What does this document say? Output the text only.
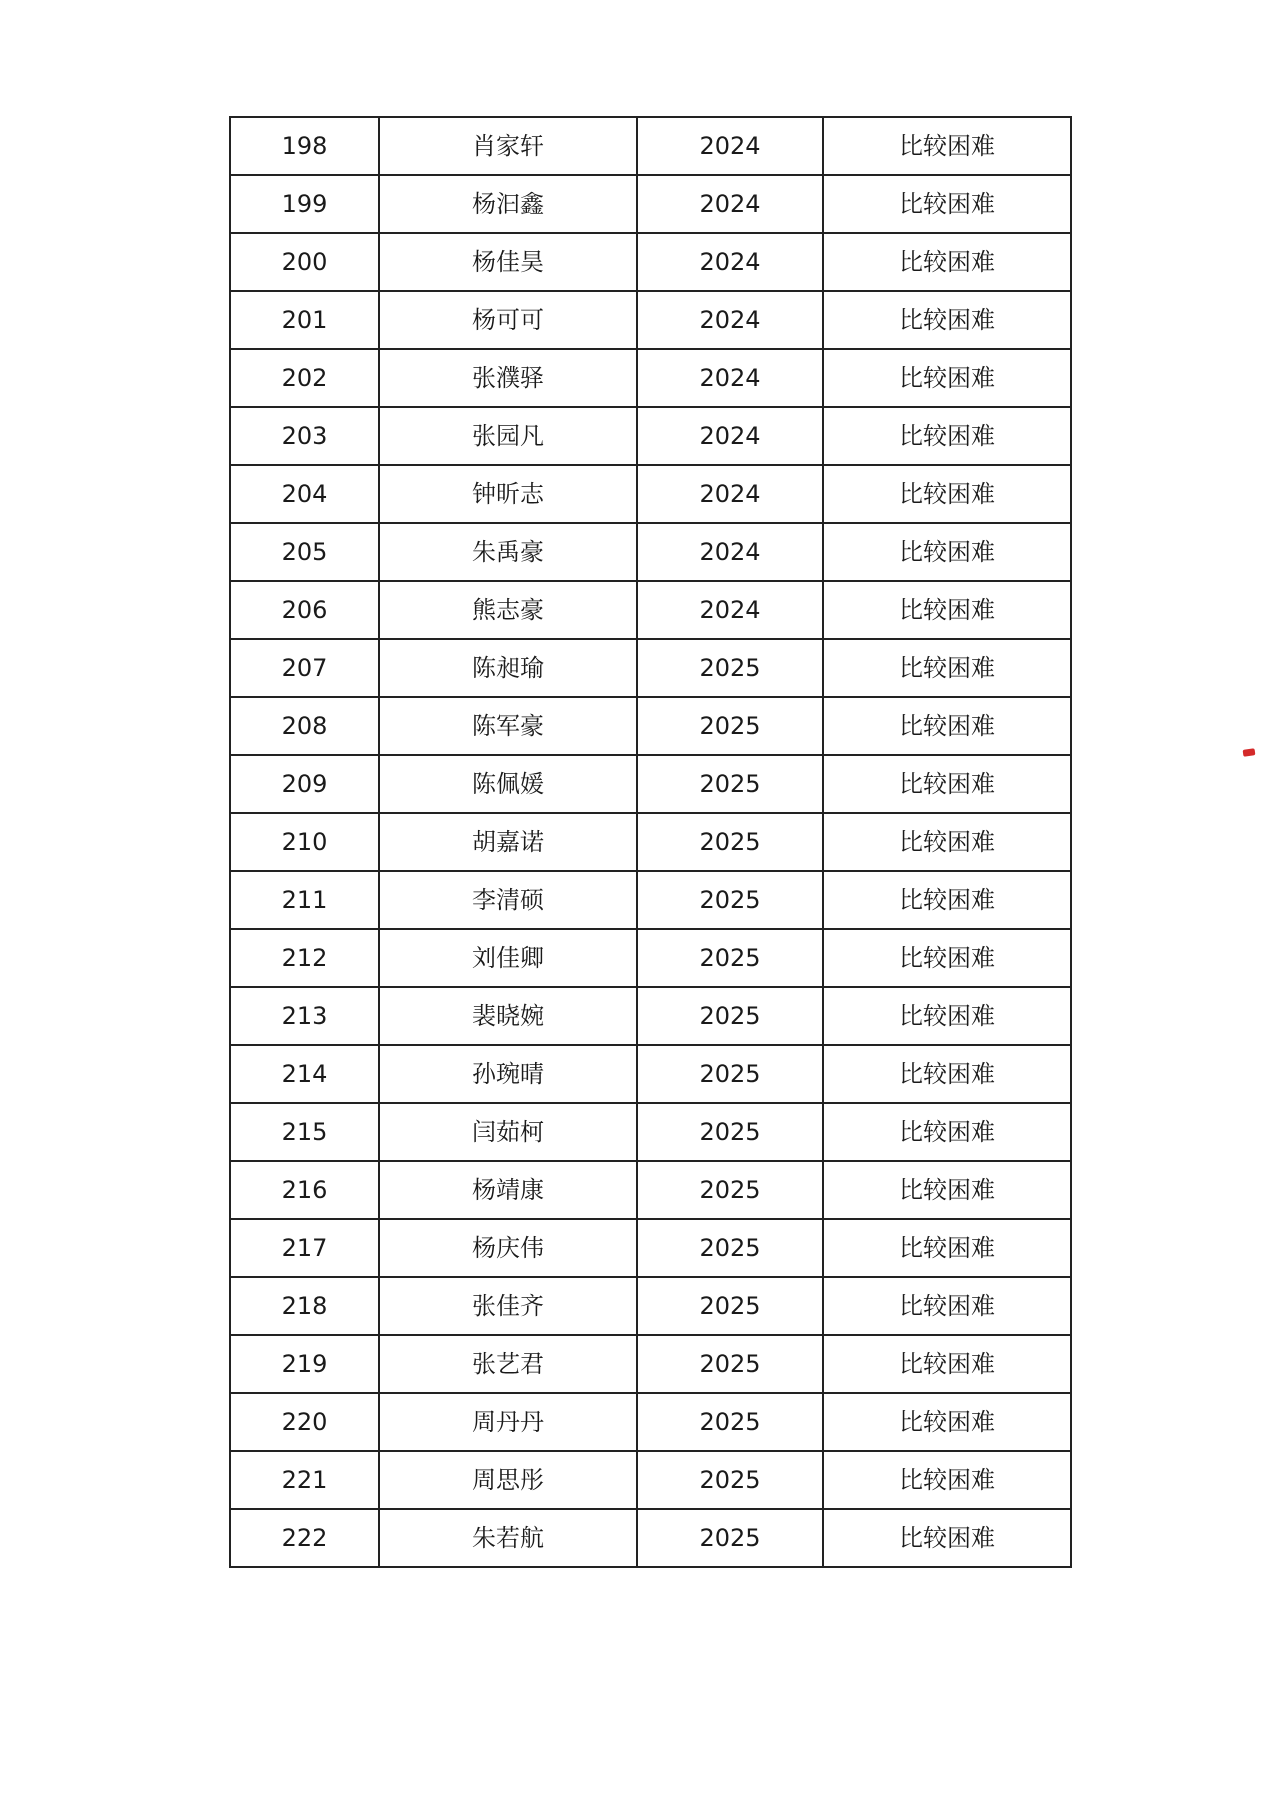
198	肖家轩	2024	比较困难
199	杨汩鑫	2024	比较困难
200	杨佳昊	2024	比较困难
201	杨可可	2024	比较困难
202	张濮驿	2024	比较困难
203	张园凡	2024	比较困难
204	钟昕志	2024	比较困难
205	朱禹豪	2024	比较困难
206	熊志豪	2024	比较困难
207	陈昶瑜	2025	比较困难
208	陈军豪	2025	比较困难
209	陈佩媛	2025	比较困难
210	胡嘉诺	2025	比较困难
211	李清硕	2025	比较困难
212	刘佳卿	2025	比较困难
213	裴晓婉	2025	比较困难
214	孙琬晴	2025	比较困难
215	闫茹柯	2025	比较困难
216	杨靖康	2025	比较困难
217	杨庆伟	2025	比较困难
218	张佳齐	2025	比较困难
219	张艺君	2025	比较困难
220	周丹丹	2025	比较困难
221	周思彤	2025	比较困难
222	朱若航	2025	比较困难
